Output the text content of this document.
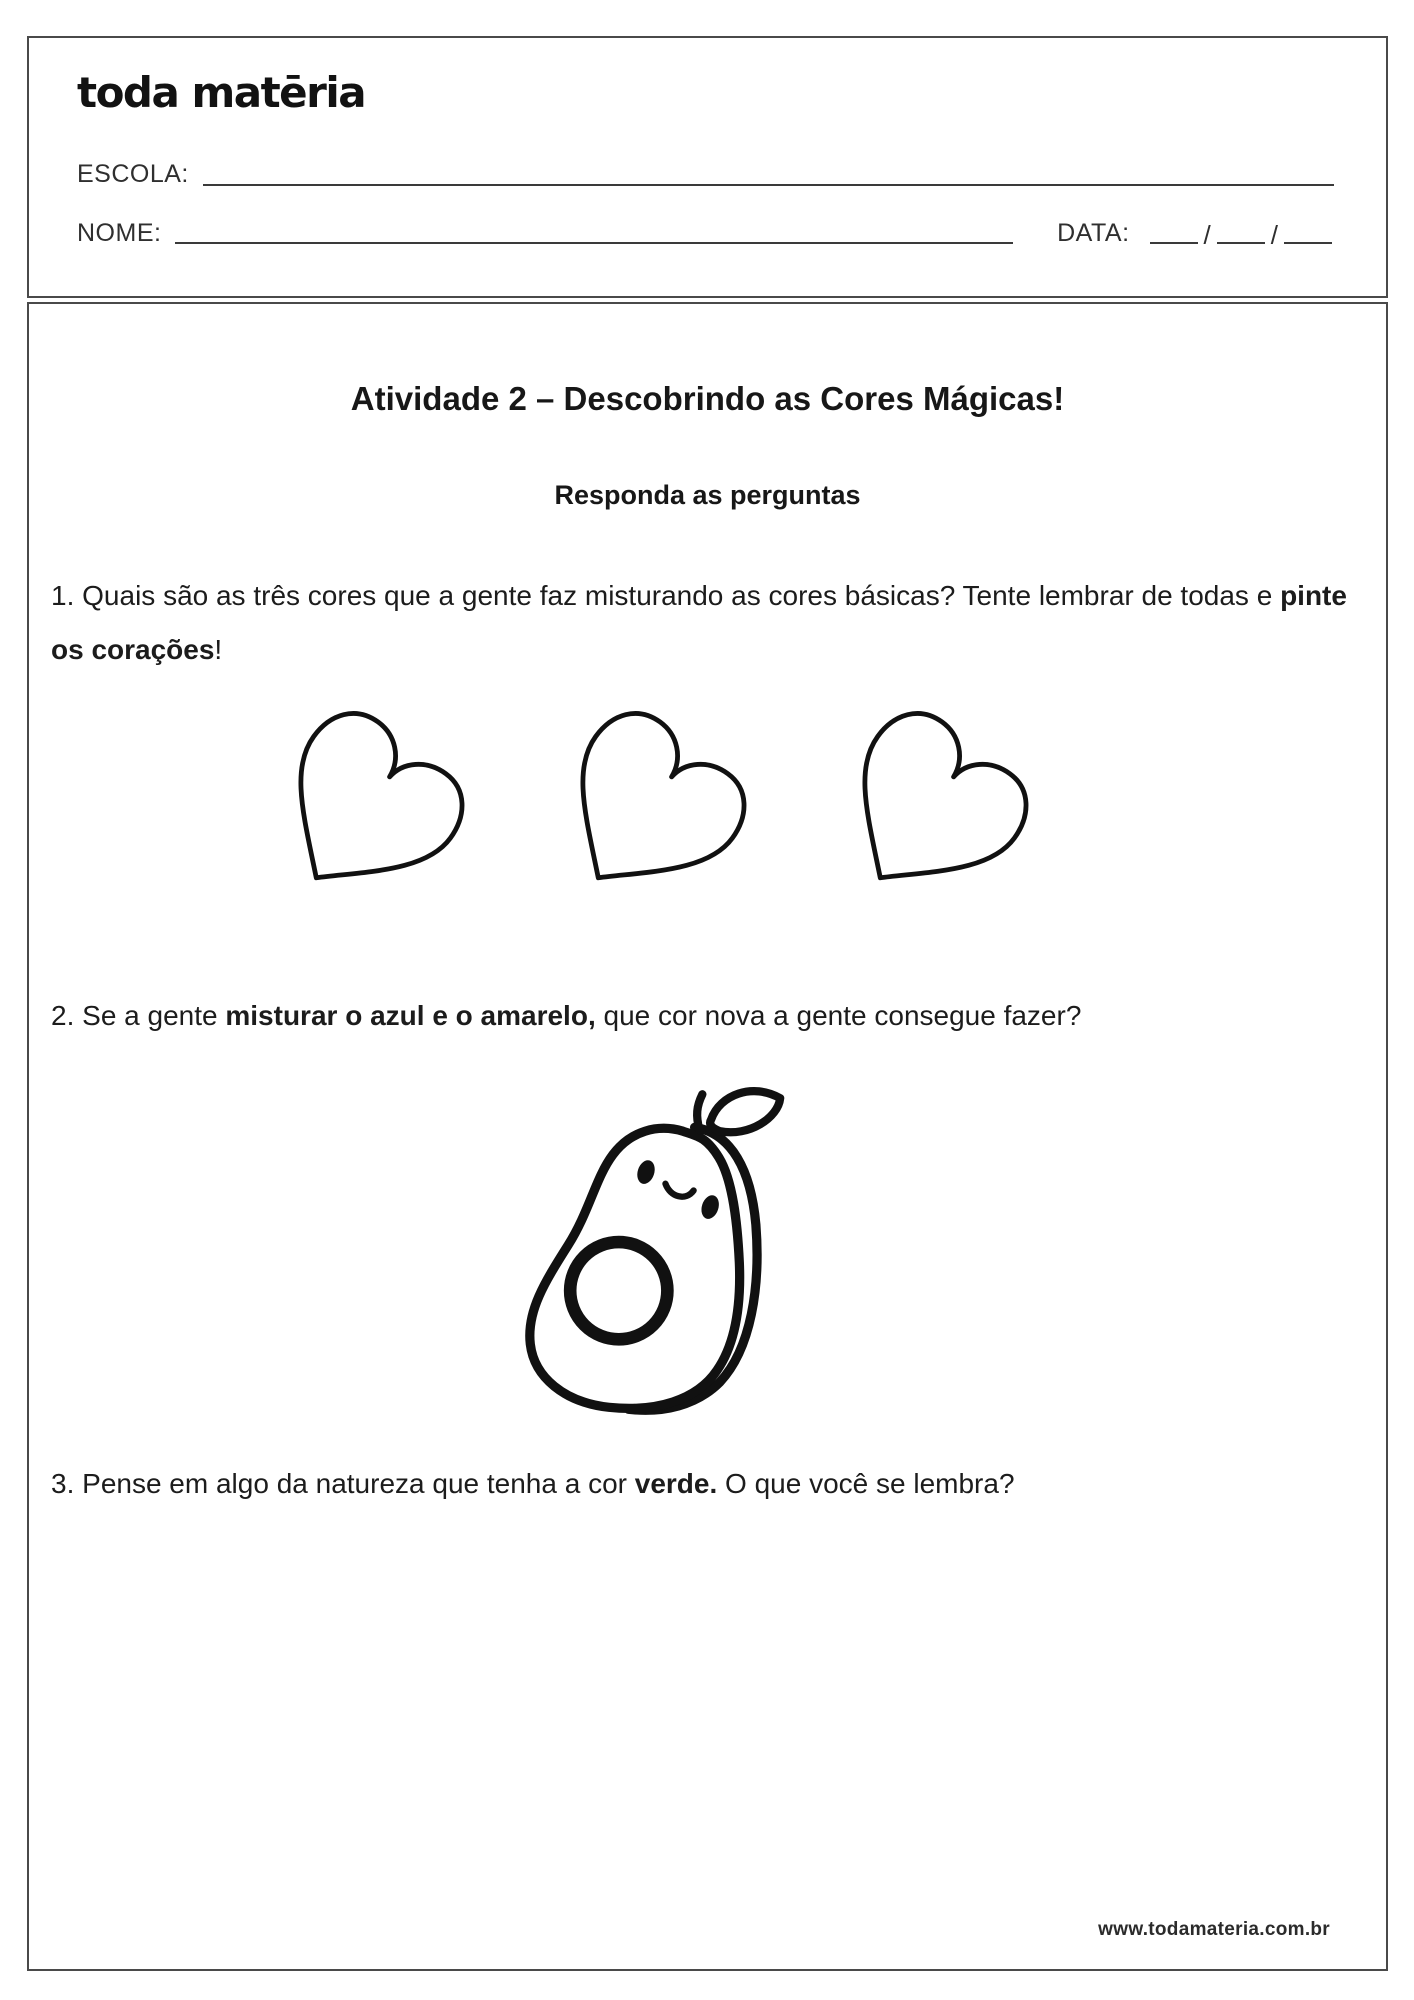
toda matēria
ESCOLA:
NOME:	DATA:	/ /
Atividade 2 – Descobrindo as Cores Mágicas!
Responda as perguntas

1. Quais são as três cores que a gente faz misturando as cores básicas? Tente lembrar de todas e pinte os corações!

2. Se a gente misturar o azul e o amarelo, que cor nova a gente consegue fazer?

3. Pense em algo da natureza que tenha a cor verde. O que você se lembra?

www.todamateria.com.br
